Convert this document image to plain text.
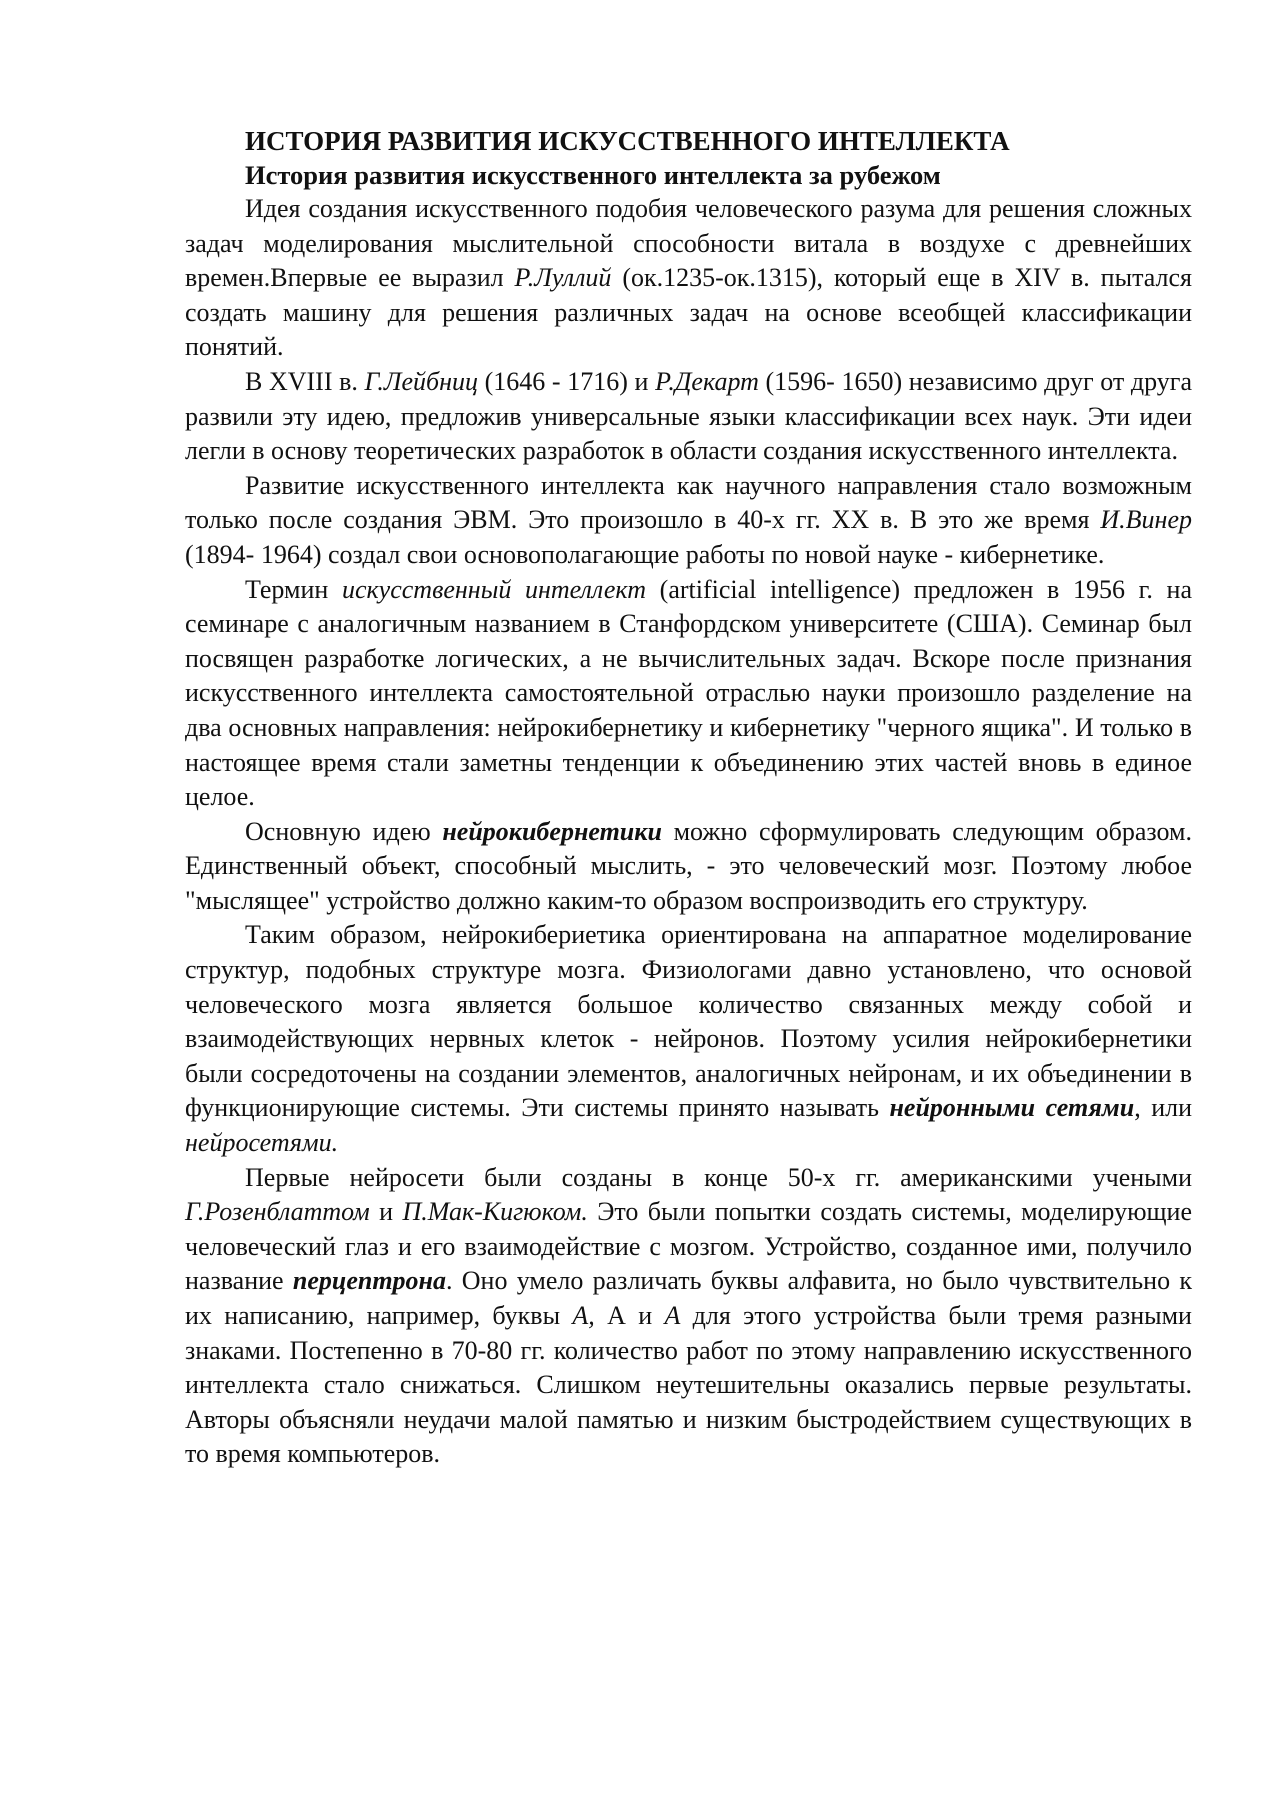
ИСТОРИЯ РАЗВИТИЯ ИСКУССТВЕННОГО ИНТЕЛЛЕКТА
История развития искусственного интеллекта за рубежом

Идея создания искусственного подобия человеческого разума для решения сложных задач моделирования мыслительной способности витала в воздухе с древнейших времен.Впервые ее выразил Р.Луллий (ок.1235-ок.1315), который еще в XIV в. пытался создать машину для решения различных задач на основе всеобщей классификации понятий.

В XVIII в. Г.Лейбниц (1646 - 1716) и Р.Декарт (1596- 1650) независимо друг от друга развили эту идею, предложив универсальные языки классификации всех наук. Эти идеи легли в основу теоретических разработок в области создания искусственного интеллекта.

Развитие искусственного интеллекта как научного направления стало возможным только после создания ЭВМ. Это произошло в 40-х гг. XX в. В это же время И.Винер (1894- 1964) создал свои основополагающие работы по новой науке - кибернетике.

Термин искусственный интеллект (artificial intelligence) предложен в 1956 г. на семинаре с аналогичным названием в Станфордском университете (США). Семинар был посвящен разработке логических, а не вычислительных задач. Вскоре после признания искусственного интеллекта самостоятельной отраслью науки произошло разделение на два основных направления: нейрокибернетику и кибернетику "черного ящика". И только в настоящее время стали заметны тенденции к объединению этих частей вновь в единое целое.

Основную идею нейрокибернетики можно сформулировать следующим образом. Единственный объект, способный мыслить, - это человеческий мозг. Поэтому любое "мыслящее" устройство должно каким-то образом воспроизводить его структуру.

Таким образом, нейрокибериетика ориентирована на аппаратное моделирование структур, подобных структуре мозга. Физиологами давно установлено, что основой человеческого мозга является большое количество связанных между собой и взаимодействующих нервных клеток - нейронов. Поэтому усилия нейрокибернетики были сосредоточены на создании элементов, аналогичных нейронам, и их объединении в функционирующие системы. Эти системы принято называть нейронными сетями, или нейросетями.

Первые нейросети были созданы в конце 50-х гг. американскими учеными Г.Розенблаттом и П.Мак-Кигюком. Это были попытки создать системы, моделирующие человеческий глаз и его взаимодействие с мозгом. Устройство, созданное ими, получило название перцептрона. Оно умело различать буквы алфавита, но было чувствительно к их написанию, например, буквы А, А и А для этого устройства были тремя разными знаками. Постепенно в 70-80 гг. количество работ по этому направлению искусственного интеллекта стало снижаться. Слишком неутешительны оказались первые результаты. Авторы объясняли неудачи малой памятью и низким быстродействием существующих в то время компьютеров.
